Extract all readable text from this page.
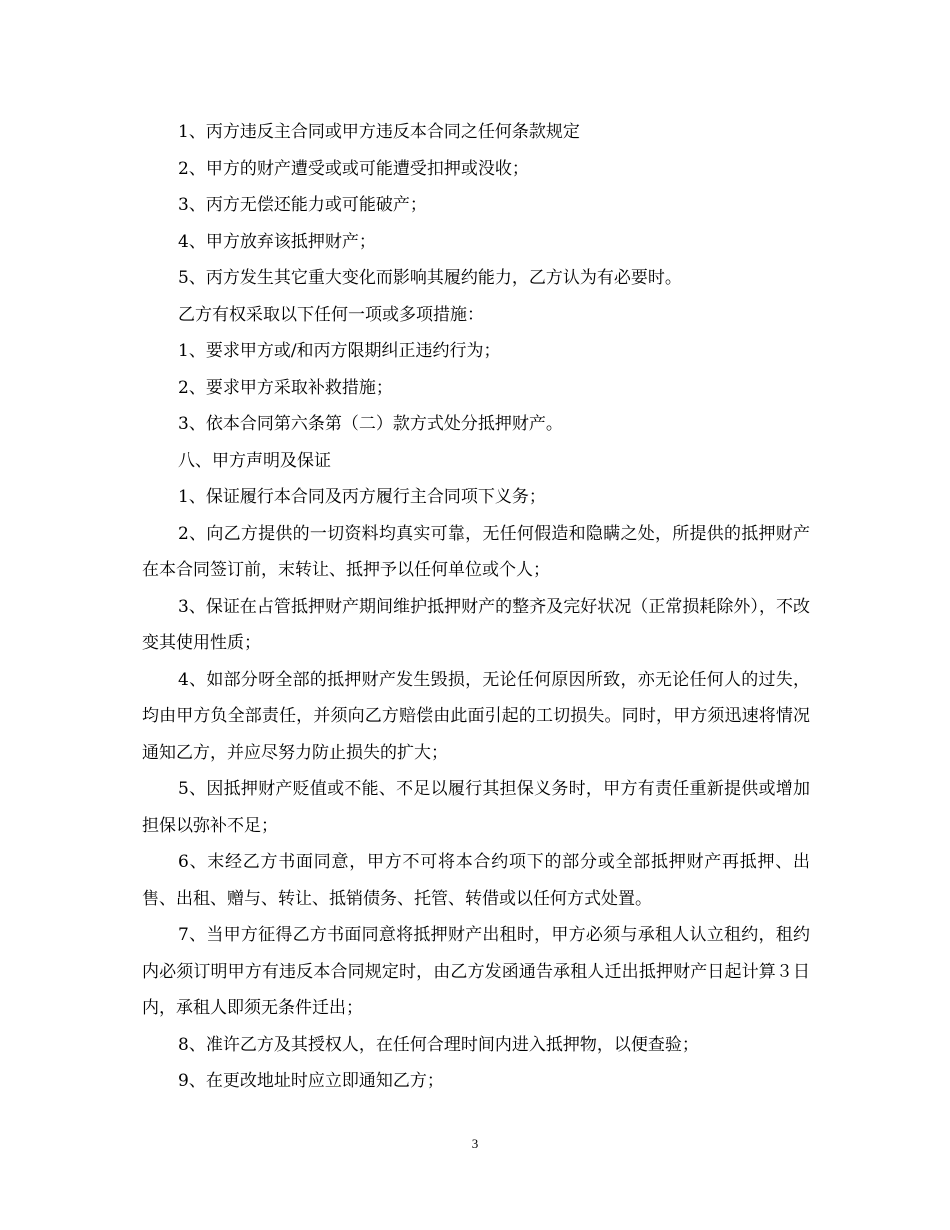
1、丙方违反主合同或甲方违反本合同之任何条款规定

2、甲方的财产遭受或或可能遭受扣押或没收；

3、丙方无偿还能力或可能破产；

4、甲方放弃该抵押财产；

5、丙方发生其它重大变化而影响其履约能力，乙方认为有必要时。

乙方有权采取以下任何一项或多项措施：

1、要求甲方或/和丙方限期纠正违约行为；

2、要求甲方采取补救措施；

3、依本合同第六条第（二）款方式处分抵押财产。

八、甲方声明及保证

1、保证履行本合同及丙方履行主合同项下义务；

2、向乙方提供的一切资料均真实可靠，无任何假造和隐瞒之处，所提供的抵押财产在本合同签订前，末转让、抵押予以任何单位或个人；

3、保证在占管抵押财产期间维护抵押财产的整齐及完好状况（正常损耗除外），不改变其使用性质；

4、如部分呀全部的抵押财产发生毁损，无论任何原因所致，亦无论任何人的过失，均由甲方负全部责任，并须向乙方赔偿由此面引起的工切损失。同时，甲方须迅速将情况通知乙方，并应尽努力防止损失的扩大；

5、因抵押财产贬值或不能、不足以履行其担保义务时，甲方有责任重新提供或增加担保以弥补不足；

6、末经乙方书面同意，甲方不可将本合约项下的部分或全部抵押财产再抵押、出售、出租、赠与、转让、抵销债务、托管、转借或以任何方式处置。

7、当甲方征得乙方书面同意将抵押财产出租时，甲方必须与承租人认立租约，租约内必须订明甲方有违反本合同规定时，由乙方发函通告承租人迁出抵押财产日起计算３日内，承租人即须无条件迁出；

8、准许乙方及其授权人，在任何合理时间内进入抵押物，以便查验；

9、在更改地址时应立即通知乙方；

3
